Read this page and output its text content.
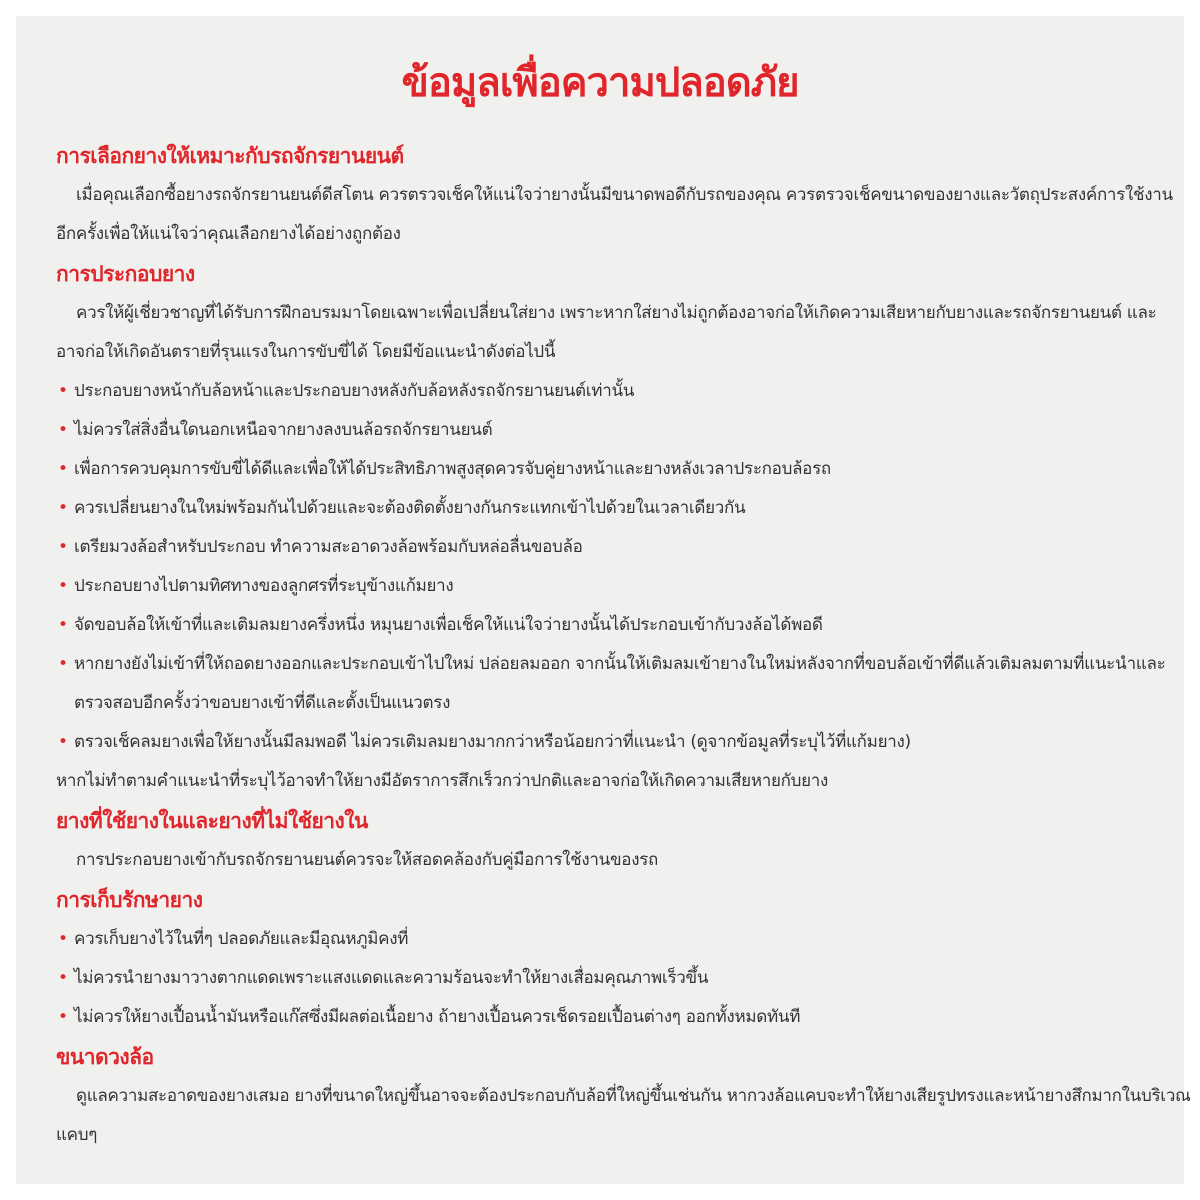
ข้อมูลเพื่อความปลอดภัย
การเลือกยางให้เหมาะกับรถจักรยานยนต์
เมื่อคุณเลือกซื้อยางรถจักรยานยนต์ดีสโตน ควรตรวจเช็คให้แน่ใจว่ายางนั้นมีขนาดพอดีกับรถของคุณ ควรตรวจเช็คขนาดของยางและวัตถุประสงค์การใช้งาน
อีกครั้งเพื่อให้แน่ใจว่าคุณเลือกยางได้อย่างถูกต้อง
การประกอบยาง
ควรให้ผู้เชี่ยวชาญที่ได้รับการฝึกอบรมมาโดยเฉพาะเพื่อเปลี่ยนใส่ยาง เพราะหากใส่ยางไม่ถูกต้องอาจก่อให้เกิดความเสียหายกับยางและรถจักรยานยนต์ และ
อาจก่อให้เกิดอันตรายที่รุนแรงในการขับขี่ได้ โดยมีข้อแนะนำดังต่อไปนี้
• ประกอบยางหน้ากับล้อหน้าและประกอบยางหลังกับล้อหลังรถจักรยานยนต์เท่านั้น
• ไม่ควรใส่สิ่งอื่นใดนอกเหนือจากยางลงบนล้อรถจักรยานยนต์
• เพื่อการควบคุมการขับขี่ได้ดีและเพื่อให้ได้ประสิทธิภาพสูงสุดควรจับคู่ยางหน้าและยางหลังเวลาประกอบล้อรถ
• ควรเปลี่ยนยางในใหม่พร้อมกันไปด้วยและจะต้องติดตั้งยางกันกระแทกเข้าไปด้วยในเวลาเดียวกัน
• เตรียมวงล้อสำหรับประกอบ ทำความสะอาดวงล้อพร้อมกับหล่อลื่นขอบล้อ
• ประกอบยางไปตามทิศทางของลูกศรที่ระบุข้างแก้มยาง
• จัดขอบล้อให้เข้าที่และเติมลมยางครึ่งหนึ่ง หมุนยางเพื่อเช็คให้แน่ใจว่ายางนั้นได้ประกอบเข้ากับวงล้อได้พอดี
• หากยางยังไม่เข้าที่ให้ถอดยางออกและประกอบเข้าไปใหม่ ปล่อยลมออก จากนั้นให้เติมลมเข้ายางในใหม่หลังจากที่ขอบล้อเข้าที่ดีแล้วเติมลมตามที่แนะนำและ
ตรวจสอบอีกครั้งว่าขอบยางเข้าที่ดีและตั้งเป็นแนวตรง
• ตรวจเช็คลมยางเพื่อให้ยางนั้นมีลมพอดี ไม่ควรเติมลมยางมากกว่าหรือน้อยกว่าที่แนะนำ (ดูจากข้อมูลที่ระบุไว้ที่แก้มยาง)
หากไม่ทำตามคำแนะนำที่ระบุไว้อาจทำให้ยางมีอัตราการสึกเร็วกว่าปกติและอาจก่อให้เกิดความเสียหายกับยาง
ยางที่ใช้ยางในและยางที่ไม่ใช้ยางใน
การประกอบยางเข้ากับรถจักรยานยนต์ควรจะให้สอดคล้องกับคู่มือการใช้งานของรถ
การเก็บรักษายาง
• ควรเก็บยางไว้ในที่ๆ ปลอดภัยและมีอุณหภูมิคงที่
• ไม่ควรนำยางมาวางตากแดดเพราะแสงแดดและความร้อนจะทำให้ยางเสื่อมคุณภาพเร็วขึ้น
• ไม่ควรให้ยางเปื้อนน้ำมันหรือแก๊สซึ่งมีผลต่อเนื้อยาง ถ้ายางเปื้อนควรเช็ดรอยเปื้อนต่างๆ ออกทั้งหมดทันที
ขนาดวงล้อ
ดูแลความสะอาดของยางเสมอ ยางที่ขนาดใหญ่ขึ้นอาจจะต้องประกอบกับล้อที่ใหญ่ขึ้นเช่นกัน หากวงล้อแคบจะทำให้ยางเสียรูปทรงและหน้ายางสึกมากในบริเวณ
แคบๆ
